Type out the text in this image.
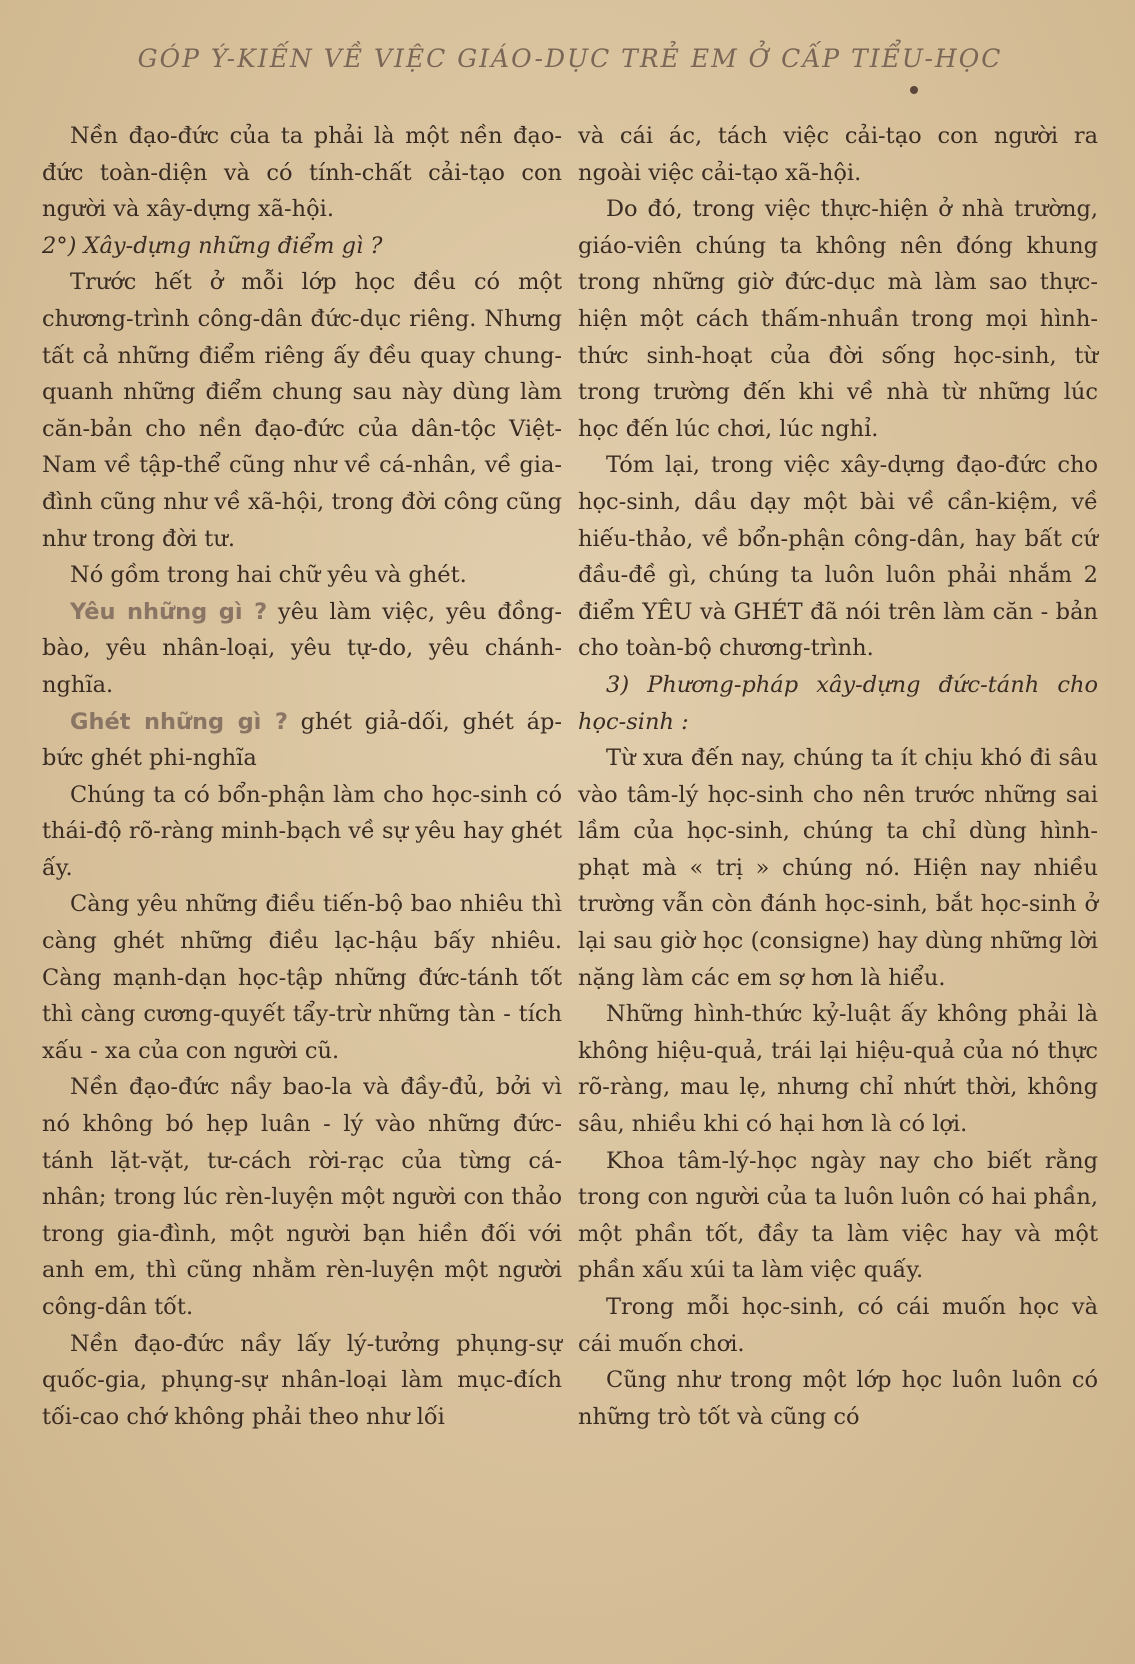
GÓP Ý-KIẾN VỀ VIỆC GIÁO-DỤC TRẺ EM Ở CẤP TIỂU-HỌC

Nền đạo-đức của ta phải là một nền đạo-đức toàn-diện và có tính-chất cải-tạo con người và xây-dựng xã-hội.

2°) Xây-dựng những điểm gì ?

Trước hết ở mỗi lớp học đều có một chương-trình công-dân đức-dục riêng. Nhưng tất cả những điểm riêng ấy đều quay chung-quanh những điểm chung sau này dùng làm căn-bản cho nền đạo-đức của dân-tộc Việt-Nam về tập-thể cũng như về cá-nhân, về gia-đình cũng như về xã-hội, trong đời công cũng như trong đời tư.

Nó gồm trong hai chữ yêu và ghét.

Yêu những gì ? yêu làm việc, yêu đồng-bào, yêu nhân-loại, yêu tự-do, yêu chánh-nghĩa.

Ghét những gì ? ghét giả-dối, ghét áp-bức ghét phi-nghĩa

Chúng ta có bổn-phận làm cho học-sinh có thái-độ rõ-ràng minh-bạch về sự yêu hay ghét ấy.

Càng yêu những điều tiến-bộ bao nhiêu thì càng ghét những điều lạc-hậu bấy nhiêu. Càng mạnh-dạn học-tập những đức-tánh tốt thì càng cương-quyết tẩy-trừ những tàn - tích xấu - xa của con người cũ.

Nền đạo-đức nầy bao-la và đầy-đủ, bởi vì nó không bó hẹp luân - lý vào những đức-tánh lặt-vặt, tư-cách rời-rạc của từng cá-nhân; trong lúc rèn-luyện một người con thảo trong gia-đình, một người bạn hiền đối với anh em, thì cũng nhằm rèn-luyện một người công-dân tốt.

Nền đạo-đức nầy lấy lý-tưởng phụng-sự quốc-gia, phụng-sự nhân-loại làm mục-đích tối-cao chớ không phải theo như lối

và cái ác, tách việc cải-tạo con người ra ngoài việc cải-tạo xã-hội.

Do đó, trong việc thực-hiện ở nhà trường, giáo-viên chúng ta không nên đóng khung trong những giờ đức-dục mà làm sao thực-hiện một cách thấm-nhuần trong mọi hình-thức sinh-hoạt của đời sống học-sinh, từ trong trường đến khi về nhà từ những lúc học đến lúc chơi, lúc nghỉ.

Tóm lại, trong việc xây-dựng đạo-đức cho học-sinh, dầu dạy một bài về cần-kiệm, về hiếu-thảo, về bổn-phận công-dân, hay bất cứ đầu-đề gì, chúng ta luôn luôn phải nhắm 2 điểm YÊU và GHÉT đã nói trên làm căn - bản cho toàn-bộ chương-trình.

3) Phương-pháp xây-dựng đức-tánh cho học-sinh :

Từ xưa đến nay, chúng ta ít chịu khó đi sâu vào tâm-lý học-sinh cho nên trước những sai lầm của học-sinh, chúng ta chỉ dùng hình-phạt mà « trị » chúng nó. Hiện nay nhiều trường vẫn còn đánh học-sinh, bắt học-sinh ở lại sau giờ học (consigne) hay dùng những lời nặng làm các em sợ hơn là hiểu.

Những hình-thức kỷ-luật ấy không phải là không hiệu-quả, trái lại hiệu-quả của nó thực rõ-ràng, mau lẹ, nhưng chỉ nhứt thời, không sâu, nhiều khi có hại hơn là có lợi.

Khoa tâm-lý-học ngày nay cho biết rằng trong con người của ta luôn luôn có hai phần, một phần tốt, đầy ta làm việc hay và một phần xấu xúi ta làm việc quấy.

Trong mỗi học-sinh, có cái muốn học và cái muốn chơi.

Cũng như trong một lớp học luôn luôn có những trò tốt và cũng có
